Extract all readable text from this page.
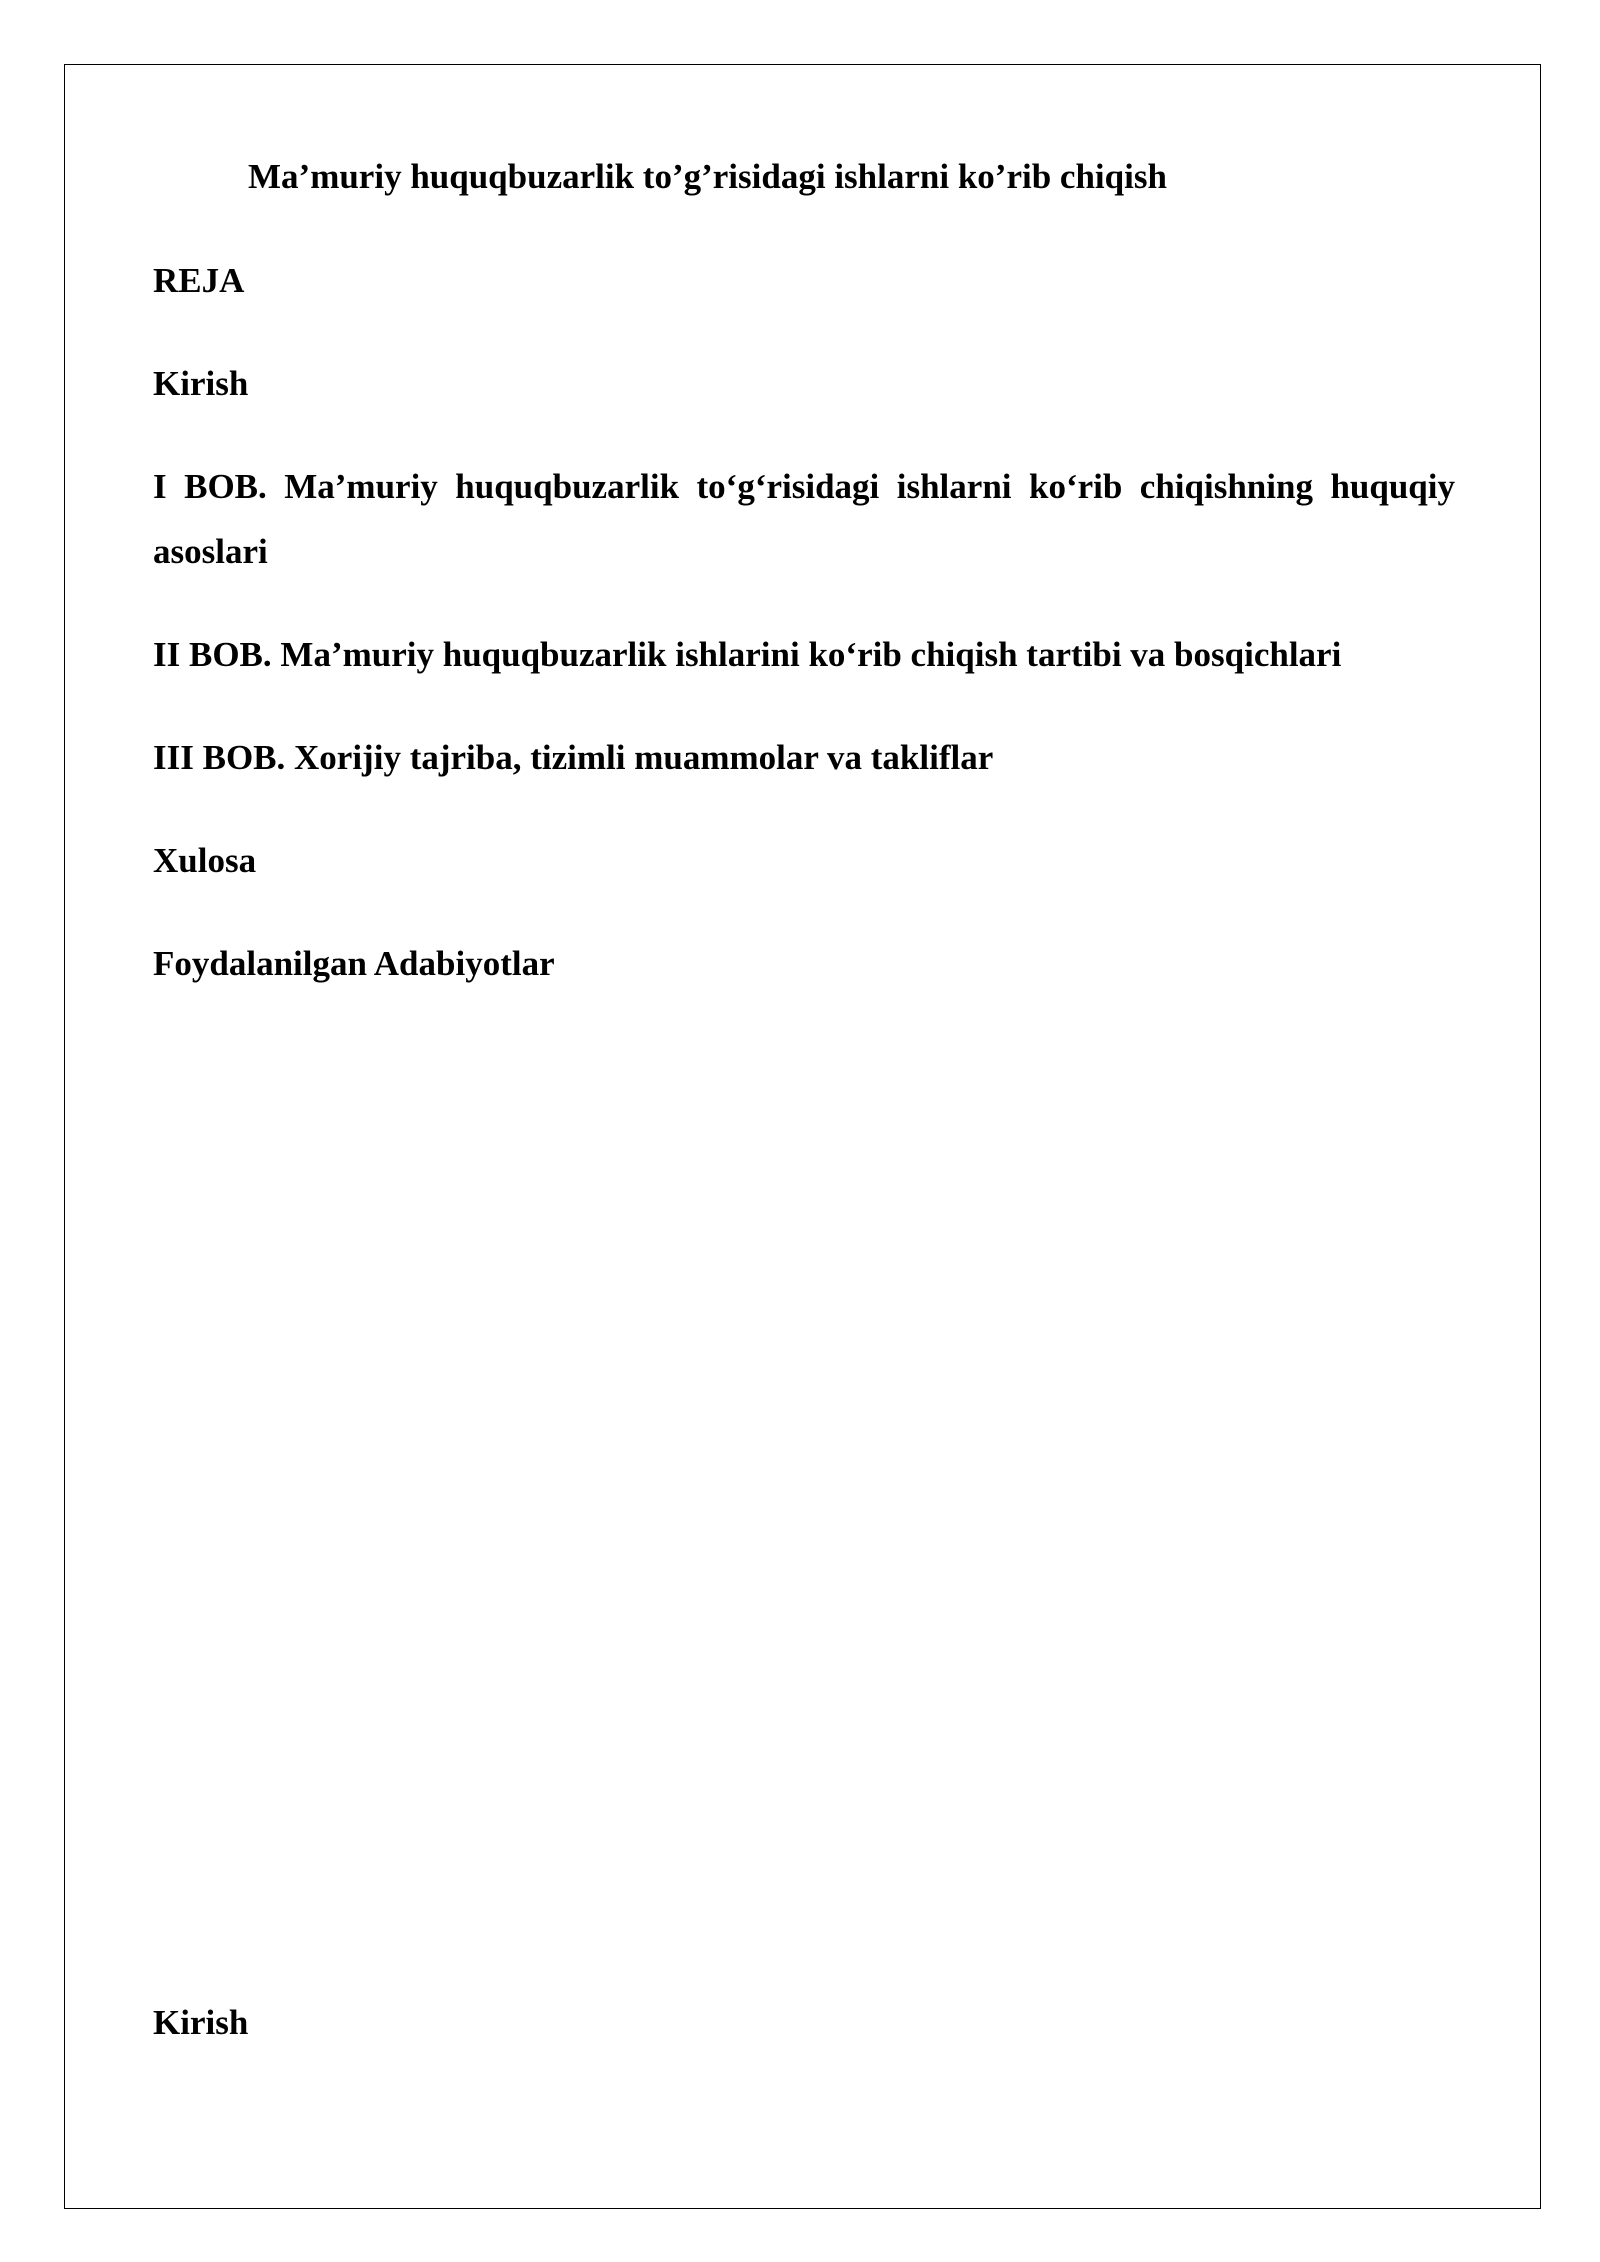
Ma’muriy huquqbuzarlik to’g’risidagi ishlarni ko’rib chiqish
REJA
Kirish
I BOB. Ma’muriy huquqbuzarlik to‘g‘risidagi ishlarni ko‘rib chiqishning huquqiy asoslari
II BOB. Ma’muriy huquqbuzarlik ishlarini ko‘rib chiqish tartibi va bosqichlari
III BOB. Xorijiy tajriba, tizimli muammolar va takliflar
Xulosa
Foydalanilgan Adabiyotlar
Kirish
